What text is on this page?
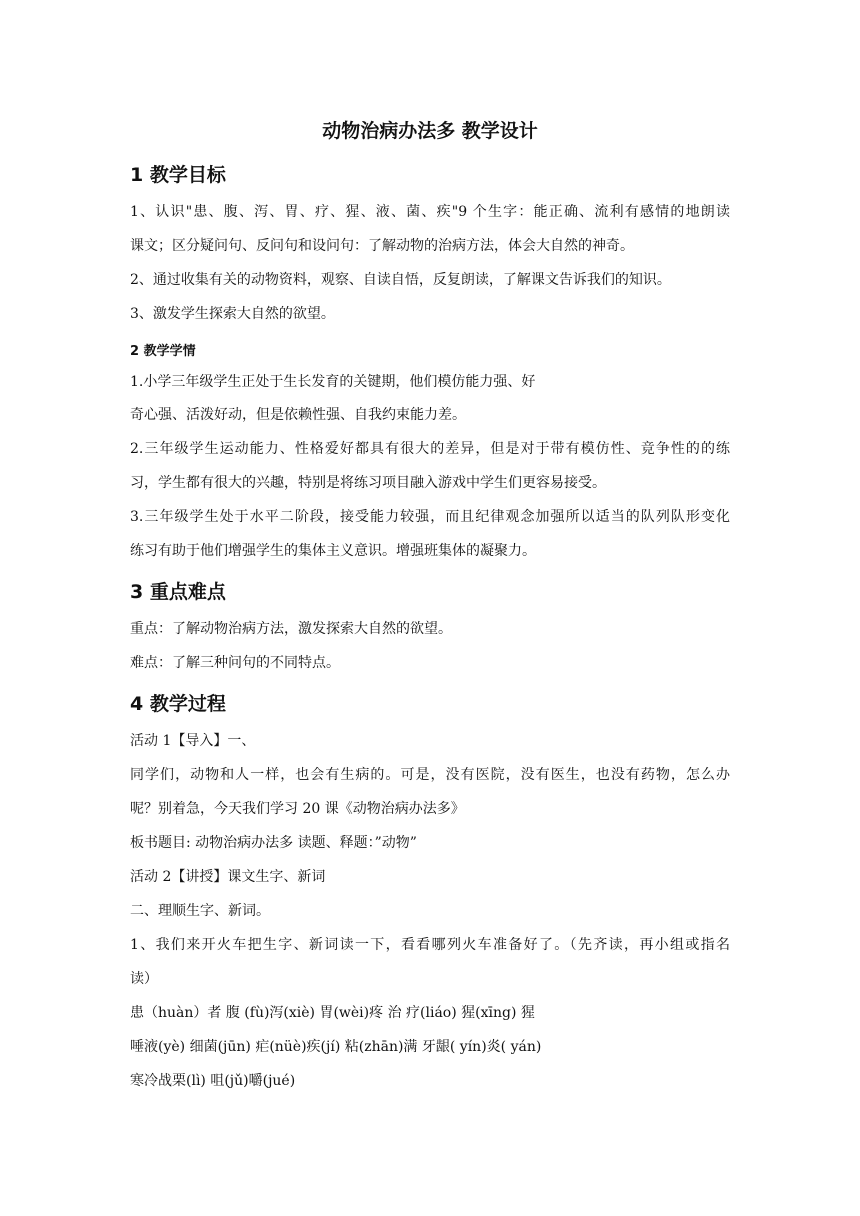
动物治病办法多 教学设计
1 教学目标
1、认识"患、腹、泻、胃、疗、猩、液、菌、疾"9 个生字：能正确、流利有感情的地朗读
课文；区分疑问句、反问句和设问句：了解动物的治病方法，体会大自然的神奇。
2、通过收集有关的动物资料，观察、自读自悟，反复朗读，了解课文告诉我们的知识。
3、激发学生探索大自然的欲望。
2 教学学情
1.小学三年级学生正处于生长发育的关键期，他们模仿能力强、好
奇心强、活泼好动，但是依赖性强、自我约束能力差。
2.三年级学生运动能力、性格爱好都具有很大的差异，但是对于带有模仿性、竞争性的的练
习，学生都有很大的兴趣，特别是将练习项目融入游戏中学生们更容易接受。
3.三年级学生处于水平二阶段，接受能力较强，而且纪律观念加强所以适当的队列队形变化
练习有助于他们增强学生的集体主义意识。增强班集体的凝聚力。
3 重点难点
重点：了解动物治病方法，激发探索大自然的欲望。
难点：了解三种问句的不同特点。
4 教学过程
活动 1【导入】一、
同学们，动物和人一样，也会有生病的。可是，没有医院，没有医生，也没有药物，怎么办
呢？别着急，今天我们学习 20 课《动物治病办法多》
板书题目: 动物治病办法多 读题、释题：”动物”
活动 2【讲授】课文生字、新词
二、理顺生字、新词。
1、我们来开火车把生字、新词读一下，看看哪列火车准备好了。（先齐读，再小组或指名
读）
患（huàn）者 腹 (fù)泻(xiè) 胃(wèi)疼 治 疗(liáo) 猩(xīng) 猩
唾液(yè) 细菌(jūn) 疟(nüè)疾(jí) 粘(zhān)满 牙龈( yín)炎( yán)
寒冷战栗(lì) 咀(jǔ)嚼(jué)
